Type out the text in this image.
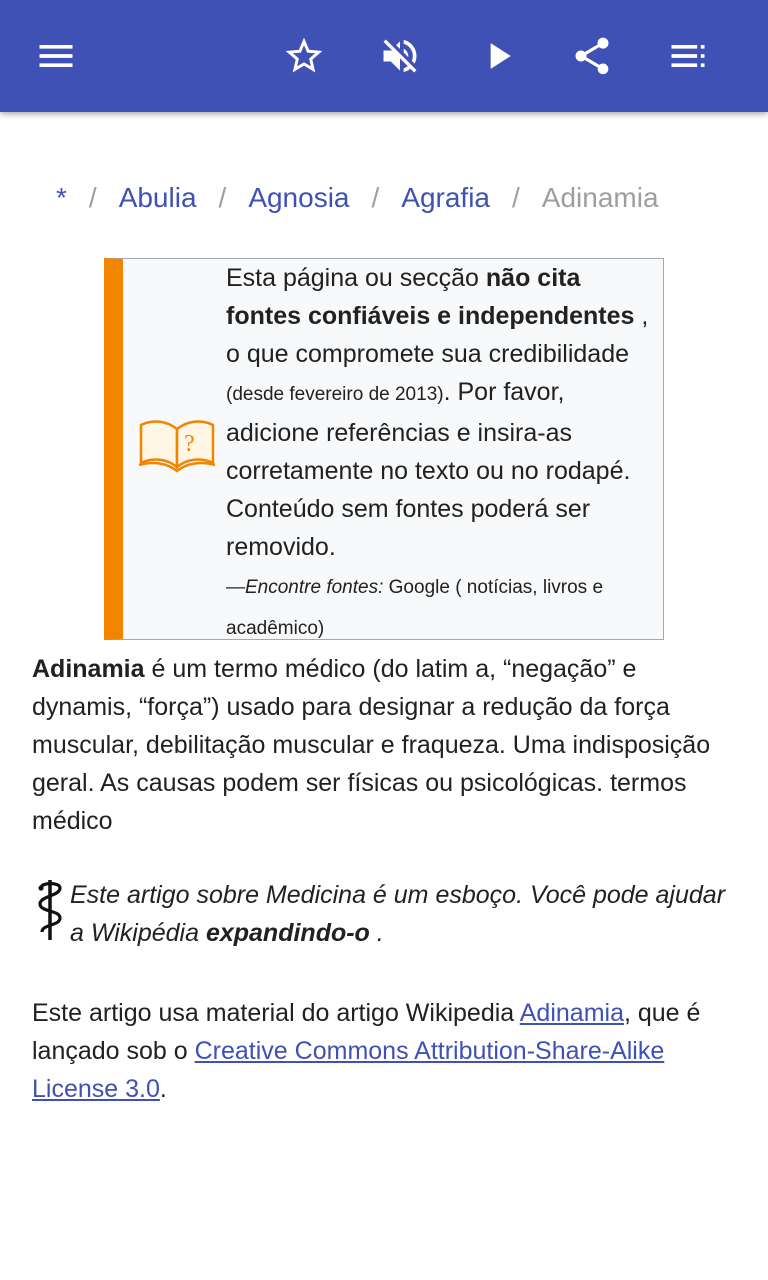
* / Abulia / Agnosia / Agrafia / Adinamia
?
Esta página ou secção não cita fontes confiáveis e independentes , o que compromete sua credibilidade (desde fevereiro de 2013). Por favor, adicione referências e insira-as corretamente no texto ou no rodapé. Conteúdo sem fontes poderá ser removido.
—Encontre fontes: Google ( notícias, livros e acadêmico)
Adinamia é um termo médico (do latim a, “negação” e dynamis, “força”) usado para designar a redução da força muscular, debilitação muscular e fraqueza. Uma indisposição geral. As causas podem ser físicas ou psicológicas. termos médico
Este artigo sobre Medicina é um esboço. Você pode ajudar a Wikipédia expandindo-o .
Este artigo usa material do artigo Wikipedia Adinamia, que é lançado sob o Creative Commons Attribution-Share-Alike License 3.0.
